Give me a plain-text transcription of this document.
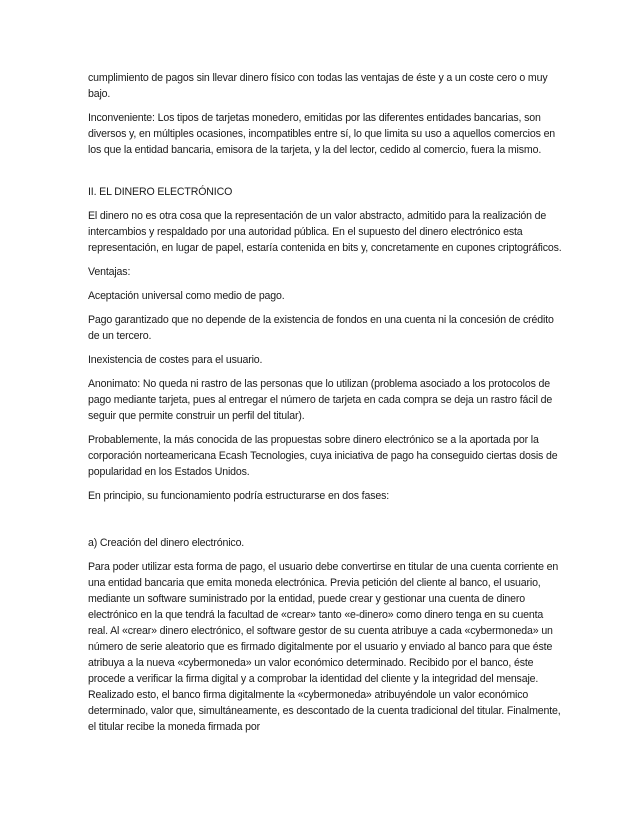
cumplimiento de pagos sin llevar dinero físico con todas las ventajas de éste y a un coste cero o muy bajo.

Inconveniente: Los tipos de tarjetas monedero, emitidas por las diferentes entidades bancarias, son diversos y, en múltiples ocasiones, incompatibles entre sí, lo que limita su uso a aquellos comercios en los que la entidad bancaria, emisora de la tarjeta, y la del lector, cedido al comercio, fuera la mismo.

II. EL DINERO ELECTRÓNICO

El dinero no es otra cosa que la representación de un valor abstracto, admitido para la realización de intercambios y respaldado por una autoridad pública. En el supuesto del dinero electrónico esta representación, en lugar de papel, estaría contenida en bits y, concretamente en cupones criptográficos.

Ventajas:

Aceptación universal como medio de pago.

Pago garantizado que no depende de la existencia de fondos en una cuenta ni la concesión de crédito de un tercero.

Inexistencia de costes para el usuario.

Anonimato: No queda ni rastro de las personas que lo utilizan (problema asociado a los protocolos de pago mediante tarjeta, pues al entregar el número de tarjeta en cada compra se deja un rastro fácil de seguir que permite construir un perfil del titular).

Probablemente, la más conocida de las propuestas sobre dinero electrónico se a la aportada por la corporación norteamericana Ecash Tecnologies, cuya iniciativa de pago ha conseguido ciertas dosis de popularidad en los Estados Unidos.

En principio, su funcionamiento podría estructurarse en dos fases:

a) Creación del dinero electrónico.

Para poder utilizar esta forma de pago, el usuario debe convertirse en titular de una cuenta corriente en una entidad bancaria que emita moneda electrónica. Previa petición del cliente al banco, el usuario, mediante un software suministrado por la entidad, puede crear y gestionar una cuenta de dinero electrónico en la que tendrá la facultad de «crear» tanto «e-dinero» como dinero tenga en su cuenta real. Al «crear» dinero electrónico, el software gestor de su cuenta atribuye a cada «cybermoneda» un número de serie aleatorio que es firmado digitalmente por el usuario y enviado al banco para que éste atribuya a la nueva «cybermoneda» un valor económico determinado. Recibido por el banco, éste procede a verificar la firma digital y a comprobar la identidad del cliente y la integridad del mensaje. Realizado esto, el banco firma digitalmente la «cybermoneda» atribuyéndole un valor económico determinado, valor que, simultáneamente, es descontado de la cuenta tradicional del titular. Finalmente, el titular recibe la moneda firmada por
